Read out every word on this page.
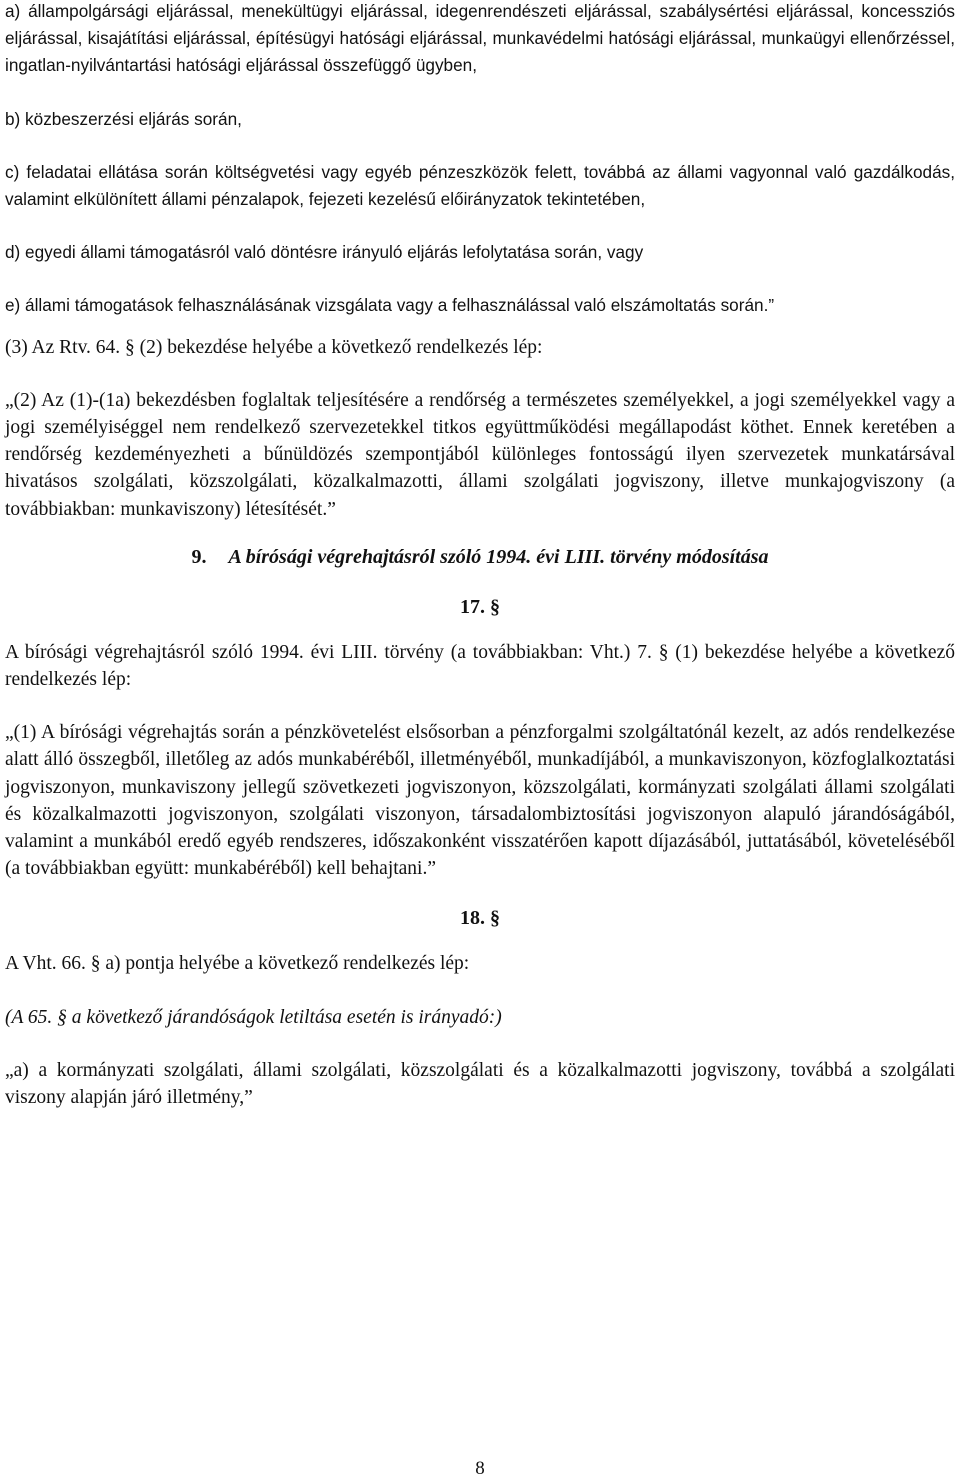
a) állampolgársági eljárással, menekültügyi eljárással, idegenrendészeti eljárással, szabálysértési eljárással, koncessziós eljárással, kisajátítási eljárással, építésügyi hatósági eljárással, munkavédelmi hatósági eljárással, munkaügyi ellenőrzéssel, ingatlan-nyilvántartási hatósági eljárással összefüggő ügyben,

b) közbeszerzési eljárás során,

c) feladatai ellátása során költségvetési vagy egyéb pénzeszközök felett, továbbá az állami vagyonnal való gazdálkodás, valamint elkülönített állami pénzalapok, fejezeti kezelésű előirányzatok tekintetében,

d) egyedi állami támogatásról való döntésre irányuló eljárás lefolytatása során, vagy

e) állami támogatások felhasználásának vizsgálata vagy a felhasználással való elszámoltatás során.”

(3) Az Rtv. 64. § (2) bekezdése helyébe a következő rendelkezés lép:

„(2) Az (1)-(1a) bekezdésben foglaltak teljesítésére a rendőrség a természetes személyekkel, a jogi személyekkel vagy a jogi személyiséggel nem rendelkező szervezetekkel titkos együttműködési megállapodást köthet. Ennek keretében a rendőrség kezdeményezheti a bűnüldözés szempontjából különleges fontosságú ilyen szervezetek munkatársával hivatásos szolgálati, közszolgálati, közalkalmazotti, állami szolgálati jogviszony, illetve munkajogviszony (a továbbiakban: munkaviszony) létesítését.”

9. A bírósági végrehajtásról szóló 1994. évi LIII. törvény módosítása
17. §

A bírósági végrehajtásról szóló 1994. évi LIII. törvény (a továbbiakban: Vht.) 7. § (1) bekezdése helyébe a következő rendelkezés lép:

„(1) A bírósági végrehajtás során a pénzkövetelést elsősorban a pénzforgalmi szolgáltatónál kezelt, az adós rendelkezése alatt álló összegből, illetőleg az adós munkabéréből, illetményéből, munkadíjából, a munkaviszonyon, közfoglalkoztatási jogviszonyon, munkaviszony jellegű szövetkezeti jogviszonyon, közszolgálati, kormányzati szolgálati állami szolgálati és közalkalmazotti jogviszonyon, szolgálati viszonyon, társadalombiztosítási jogviszonyon alapuló járandóságából, valamint a munkából eredő egyéb rendszeres, időszakonként visszatérően kapott díjazásából, juttatásából, követeléséből (a továbbiakban együtt: munkabéréből) kell behajtani.”

18. §

A Vht. 66. § a) pontja helyébe a következő rendelkezés lép:

(A 65. § a következő járandóságok letiltása esetén is irányadó:)

„a) a kormányzati szolgálati, állami szolgálati, közszolgálati és a közalkalmazotti jogviszony, továbbá a szolgálati viszony alapján járó illetmény,”

8
